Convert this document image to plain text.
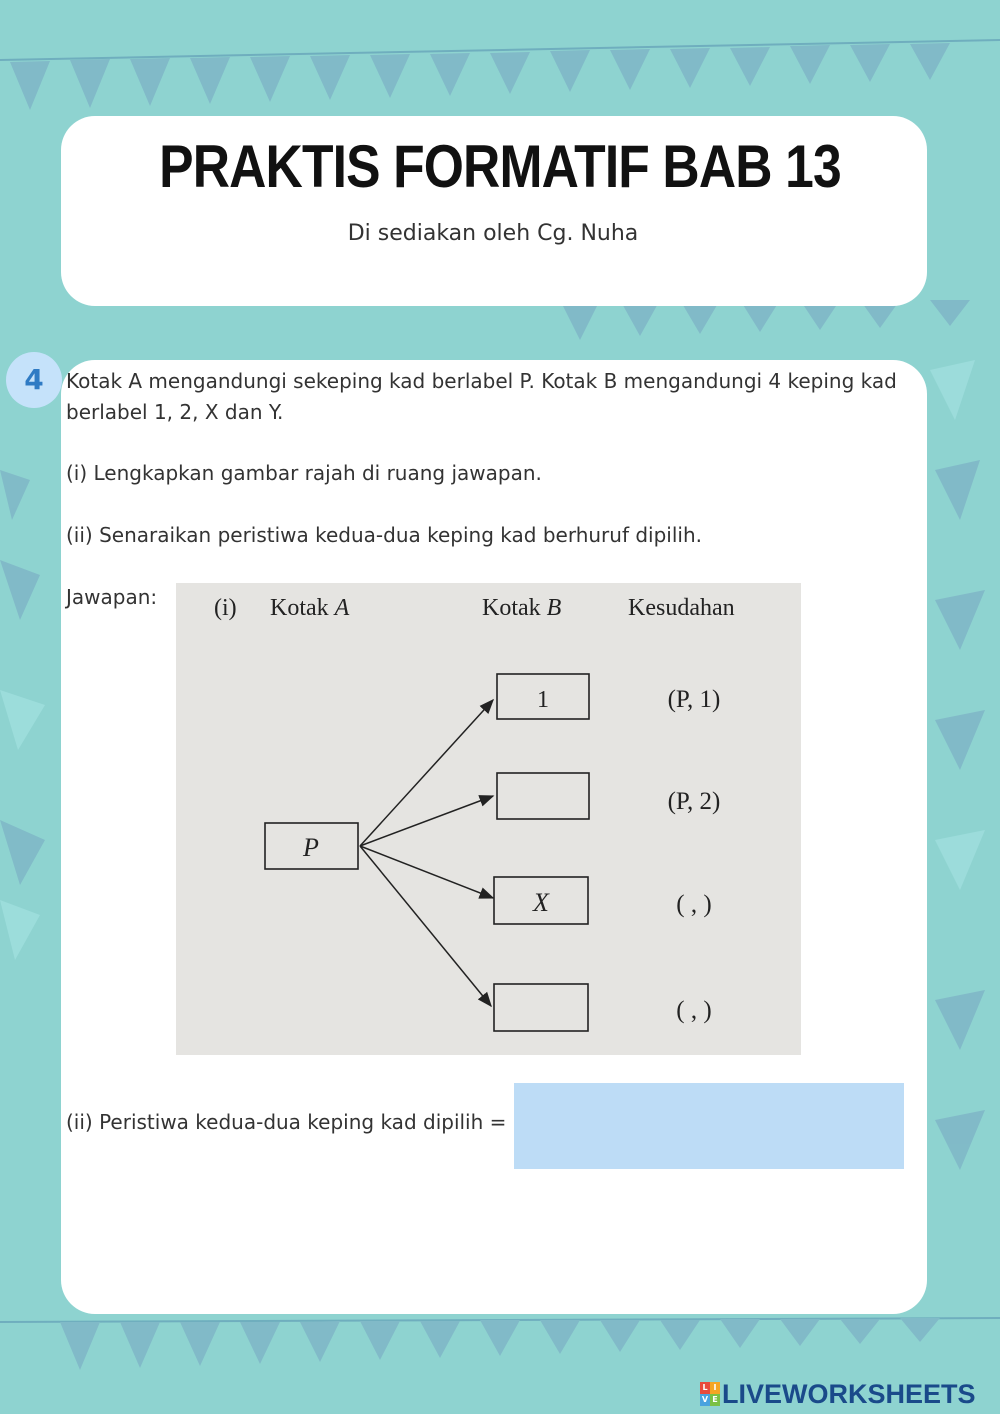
PRAKTIS FORMATIF BAB 13
Di sediakan oleh Cg. Nuha
4	Kotak A mengandungi sekeping kad berlabel P. Kotak B mengandungi 4 keping kad berlabel 1, 2, X dan Y.
(i) Lengkapkan gambar rajah di ruang jawapan.
(ii) Senaraikan peristiwa kedua-dua keping kad berhuruf dipilih.
Jawapan: (i) Kotak A	Kotak B	Kesudahan
P
1
X
(P, 1)
(P, 2)
( , )
( , )
(ii) Peristiwa kedua-dua keping kad dipilih =
L I
V E LIVEWORKSHEETS
